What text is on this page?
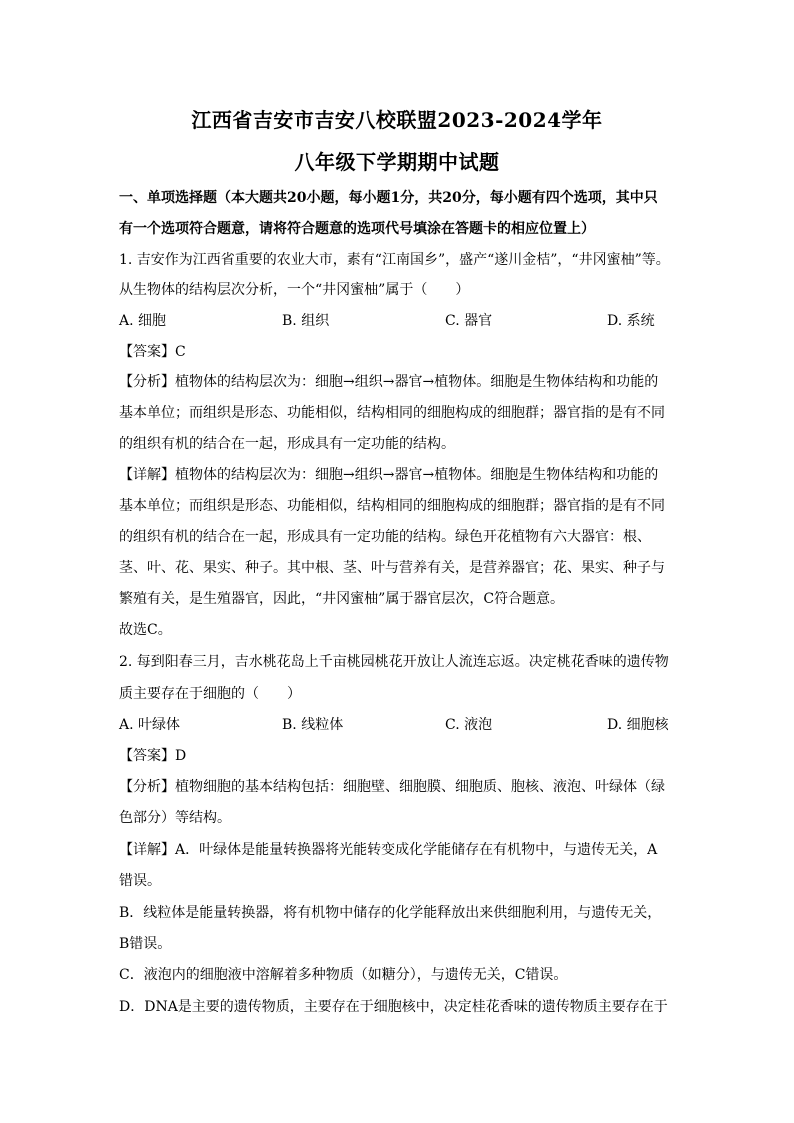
江西省吉安市吉安八校联盟2023-2024学年
八年级下学期期中试题
一、单项选择题（本大题共20小题，每小题1分，共20分，每小题有四个选项，其中只
有一个选项符合题意，请将符合题意的选项代号填涂在答题卡的相应位置上）
1. 吉安作为江西省重要的农业大市，素有“江南国乡”，盛产“遂川金桔”，“井冈蜜柚”等。
从生物体的结构层次分析，一个“井冈蜜柚”属于（　　）
A. 细胞	B. 组织	C. 器官	D. 系统
【答案】C
【分析】植物体的结构层次为：细胞→组织→器官→植物体。细胞是生物体结构和功能的
基本单位；而组织是形态、功能相似，结构相同的细胞构成的细胞群；器官指的是有不同
的组织有机的结合在一起，形成具有一定功能的结构。
【详解】植物体的结构层次为：细胞→组织→器官→植物体。细胞是生物体结构和功能的
基本单位；而组织是形态、功能相似，结构相同的细胞构成的细胞群；器官指的是有不同
的组织有机的结合在一起，形成具有一定功能的结构。绿色开花植物有六大器官：根、
茎、叶、花、果实、种子。其中根、茎、叶与营养有关，是营养器官；花、果实、种子与
繁殖有关，是生殖器官，因此，“井冈蜜柚”属于器官层次，C符合题意。
故选C。
2. 每到阳春三月，吉水桃花岛上千亩桃园桃花开放让人流连忘返。决定桃花香味的遗传物
质主要存在于细胞的（　　）
A. 叶绿体	B. 线粒体	C. 液泡	D. 细胞核
【答案】D
【分析】植物细胞的基本结构包括：细胞壁、细胞膜、细胞质、胞核、液泡、叶绿体（绿
色部分）等结构。
【详解】A．叶绿体是能量转换器将光能转变成化学能储存在有机物中，与遗传无关，A
错误。
B．线粒体是能量转换器，将有机物中储存的化学能释放出来供细胞利用，与遗传无关，
B错误。
C．液泡内的细胞液中溶解着多种物质（如糖分），与遗传无关，C错误。
D．DNA是主要的遗传物质，主要存在于细胞核中，决定桂花香味的遗传物质主要存在于
